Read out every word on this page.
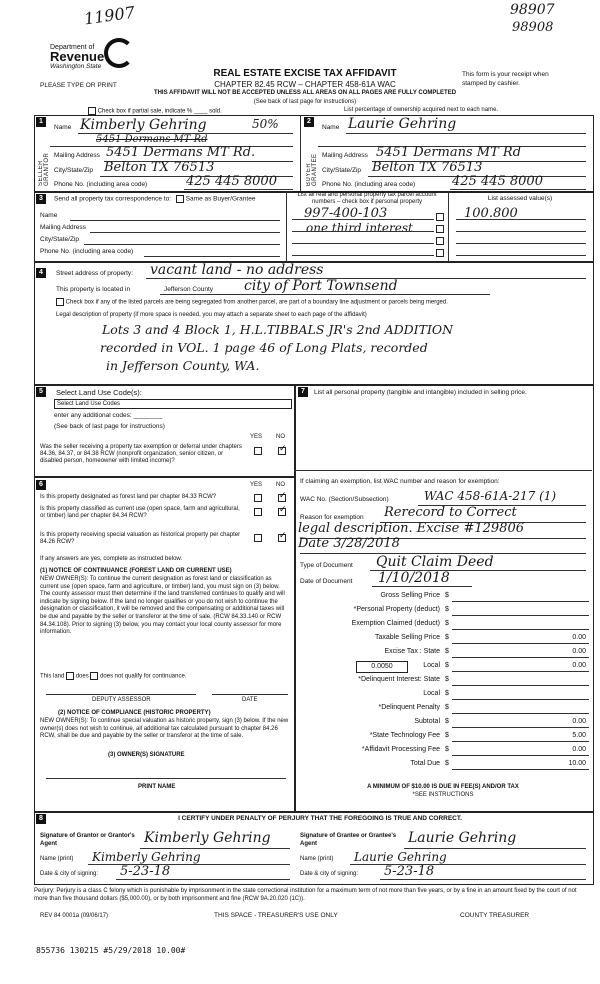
11907	98907
98908
Department of
Revenue
Washington State
PLEASE TYPE OR PRINT
REAL ESTATE EXCISE TAX AFFIDAVIT
CHAPTER 82.45 RCW – CHAPTER 458-61A WAC
THIS AFFIDAVIT WILL NOT BE ACCEPTED UNLESS ALL AREAS ON ALL PAGES ARE FULLY COMPLETED
This form is your receipt when stamped by cashier.
(See back of last page for instructions)
Check box if partial sale, indicate % ____ sold.	List percentage of ownership acquired next to each name.
1	2
SELLER GRANTOR	BUYER GRANTEE
Name Kimberly Gehring	50%
5451 Dermans MT Rd
Mailing Address 5451 Dermans MT Rd.
City/State/Zip Belton TX 76513
Phone No. (including area code)	425 445 8000
Name Laurie Gehring
Mailing Address 5451 Dermans MT Rd
City/State/Zip Belton TX 76513
Phone No. (including area code)	425 445 8000
3	Send all property tax correspondence to: Same as Buyer/Grantee
Name
Mailing Address
City/State/Zip
Phone No. (including area code)
List all real and personal property tax parcel account numbers – check box if personal property	List assessed value(s)
997-400-103
one third interest
100.800
4	Street address of property: vacant land - no address
This property is located in	Jefferson County city of Port Townsend
Check box if any of the listed parcels are being segregated from another parcel, are part of a boundary line adjustment or parcels being merged.
Legal description of property (if more space is needed, you may attach a separate sheet to each page of the affidavit)
Lots 3 and 4 Block 1, H.L.TIBBALS JR's 2nd ADDITION
recorded in VOL. 1 page 46 of Long Plats, recorded
in Jefferson County, WA.
5	Select Land Use Code(s):
Select Land Use Codes
enter any additional codes: ________
(See back of last page for instructions)
YES NO
Was the seller receiving a property tax exemption or deferral under chapters 84.36, 84.37, or 84.38 RCW (nonprofit organization, senior citizen, or disabled person, homeowner with limited income)?
✓
6	YES NO
Is this property designated as forest land per chapter 84.33 RCW?	✓
Is this property classified as current use (open space, farm and agricultural, or timber) land per chapter 84.34 RCW?
✓
Is this property receiving special valuation as historical property per chapter 84.26 RCW?
✓
If any answers are yes, complete as instructed below.
(1) NOTICE OF CONTINUANCE (FOREST LAND OR CURRENT USE)
NEW OWNER(S): To continue the current designation as forest land or classification as current use (open space, farm and agriculture, or timber) land, you must sign on (3) below. The county assessor must then determine if the land transferred continues to qualify and will indicate by signing below. If the land no longer qualifies or you do not wish to continue the designation or classification, it will be removed and the compensating or additional taxes will be due and payable by the seller or transferor at the time of sale. (RCW 84.33.140 or RCW 84.34.108). Prior to signing (3) below, you may contact your local county assessor for more information.
This land does does not qualify for continuance.
DEPUTY ASSESSOR	DATE
(2) NOTICE OF COMPLIANCE (HISTORIC PROPERTY)
NEW OWNER(S): To continue special valuation as historic property, sign (3) below. If the new owner(s) does not wish to continue, all additional tax calculated pursuant to chapter 84.26 RCW, shall be due and payable by the seller or transferor at the time of sale.
(3) OWNER(S) SIGNATURE
PRINT NAME
7	List all personal property (tangible and intangible) included in selling price.
If claiming an exemption, list WAC number and reason for exemption:
WAC No. (Section/Subsection)	WAC 458-61A-217 (1)
Reason for exemption Rerecord to Correct
legal description. Excise #129806
Date 3/28/2018
Type of Document Quit Claim Deed
Date of Document 1/10/2018
Gross Selling Price $
*Personal Property (deduct) $
Exemption Claimed (deduct) $
Taxable Selling Price $	0.00
Excise Tax : State $	0.00
0.0050	Local $	0.00
*Delinquent Interest: State $
Local $
*Delinquent Penalty $
Subtotal $	0.00
*State Technology Fee $	5.00
*Affidavit Processing Fee $	0.00
Total Due $	10.00
A MINIMUM OF $10.00 IS DUE IN FEE(S) AND/OR TAX
*SEE INSTRUCTIONS
8	I CERTIFY UNDER PENALTY OF PERJURY THAT THE FOREGOING IS TRUE AND CORRECT.
Signature of Grantor or Grantor's Agent	Kimberly Gehring
Name (print) Kimberly Gehring
Date & city of signing: 5-23-18
Signature of Grantee or Grantee's Agent	Laurie Gehring
Name (print) Laurie Gehring
Date & city of signing: 5-23-18
Perjury: Perjury is a class C felony which is punishable by imprisonment in the state correctional institution for a maximum term of not more than five years, or by a fine in an amount fixed by the court of not more than five thousand dollars ($5,000.00), or by both imprisonment and fine (RCW 9A.20.020 (1C)).
REV 84 0001a (09/06/17)	THIS SPACE - TREASURER'S USE ONLY	COUNTY TREASURER
855736 130215 #5/29/2018 10.00#
